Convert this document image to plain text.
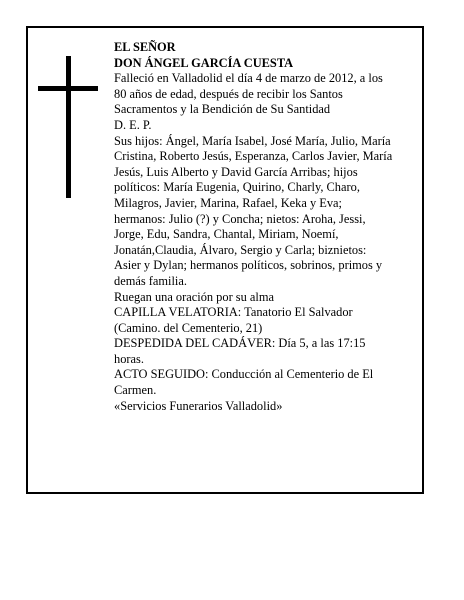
EL SEÑOR
DON ÁNGEL GARCÍA CUESTA
Falleció en Valladolid el día 4 de marzo de 2012, a los
80 años de edad, después de recibir los Santos
Sacramentos y la Bendición de Su Santidad
D. E. P.
Sus hijos: Ángel, María Isabel, José María, Julio, María
Cristina, Roberto Jesús, Esperanza, Carlos Javier, María
Jesús, Luis Alberto y David García Arribas; hijos
políticos: María Eugenia, Quirino, Charly, Charo,
Milagros, Javier, Marina, Rafael, Keka y Eva;
hermanos: Julio (?) y Concha; nietos: Aroha, Jessi,
Jorge, Edu, Sandra, Chantal, Miriam, Noemí,
Jonatán,Claudia, Álvaro, Sergio y Carla; biznietos:
Asier y Dylan; hermanos políticos, sobrinos, primos y
demás familia.
Ruegan una oración por su alma
CAPILLA VELATORIA: Tanatorio El Salvador
(Camino. del Cementerio, 21)
DESPEDIDA DEL CADÁVER: Día 5, a las 17:15
horas.
ACTO SEGUIDO: Conducción al Cementerio de El
Carmen.
«Servicios Funerarios Valladolid»
